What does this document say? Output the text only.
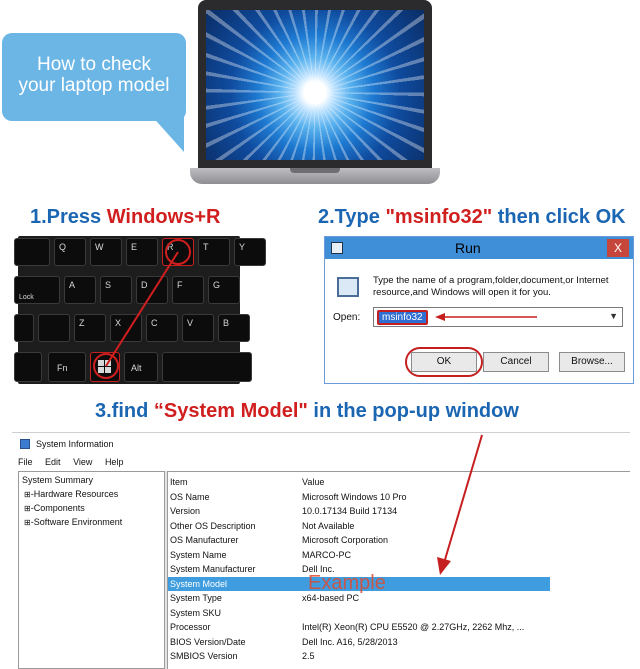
How to check
your laptop model
1.Press Windows+R	2.Type "msinfo32" then click OK
Q	W	E	R	T	Y
Lock
A	S	D	F	G
Z	X	C	V	B
Fn	Alt
Run	X
Type the name of a program,folder,document,or Internet resource,and Windows will open it for you.
Open:	msinfo32	▼
OK	Cancel	Browse...
3.find “System Model" in the pop-up window
System Information
File Edit View Help
System Summary
⊞-Hardware Resources
⊞-Components
⊞-Software Environment
Item	Value
OS Name	Microsoft Windows 10 Pro
Version	10.0.17134 Build 17134
Other OS Description	Not Available
OS Manufacturer	Microsoft Corporation
System Name	MARCO-PC
System Manufacturer	Dell Inc.
System Model
System Type	x64-based PC
System SKU
Processor	Intel(R) Xeon(R) CPU E5520 @ 2.27GHz, 2262 Mhz, ...
BIOS Version/Date	Dell Inc. A16, 5/28/2013
SMBIOS Version	2.5
Example
